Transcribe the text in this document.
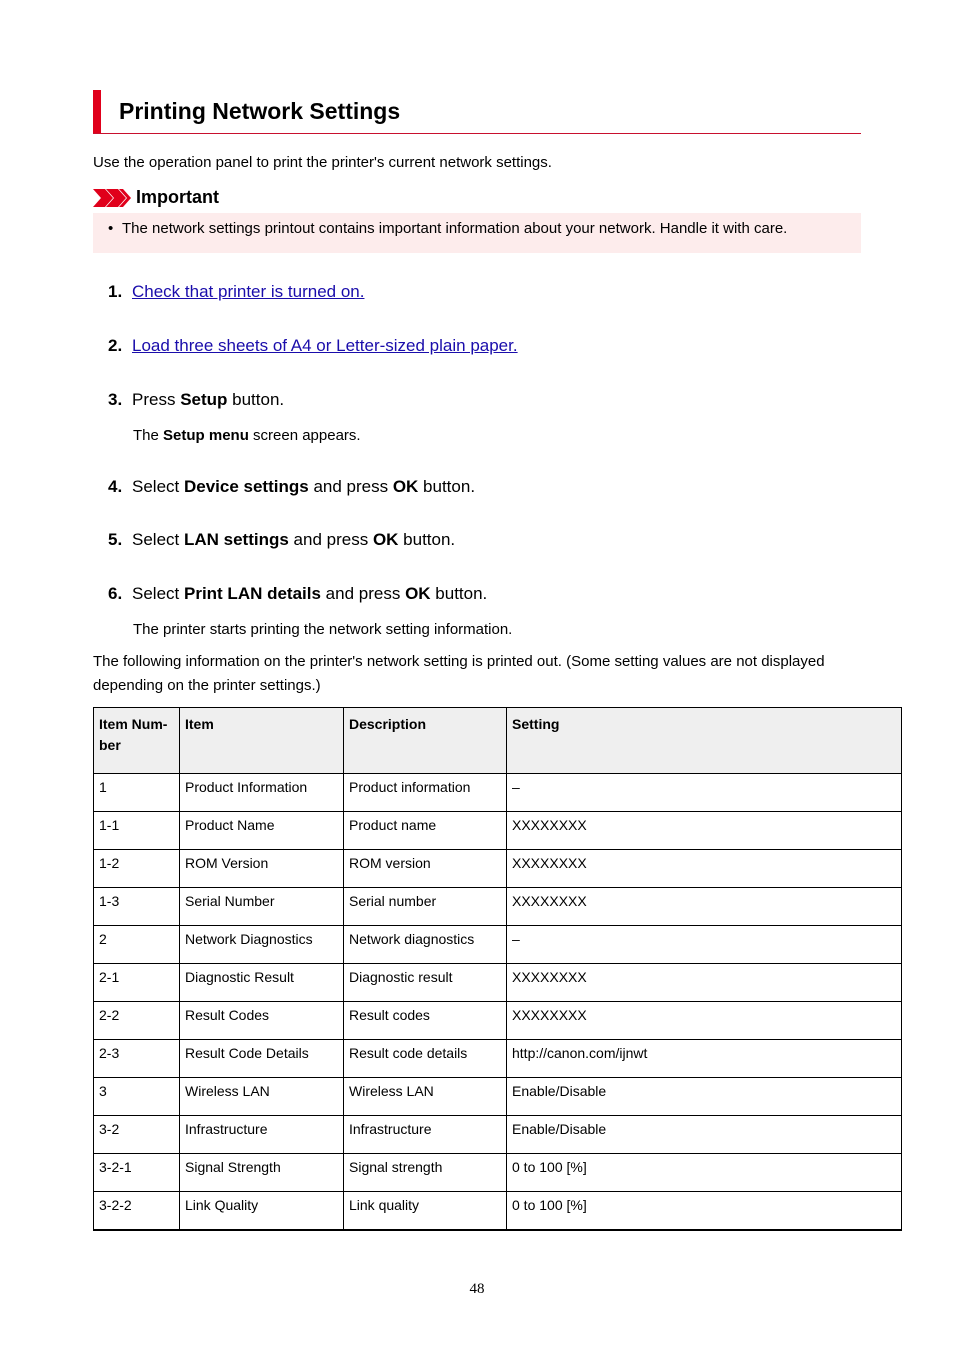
Printing Network Settings
Use the operation panel to print the printer's current network settings.
Important
• The network settings printout contains important information about your network. Handle it with care.
1. Check that printer is turned on.
2. Load three sheets of A4 or Letter-sized plain paper.
3. Press Setup button.
The Setup menu screen appears.
4. Select Device settings and press OK button.
5. Select LAN settings and press OK button.
6. Select Print LAN details and press OK button.
The printer starts printing the network setting information.
The following information on the printer's network setting is printed out. (Some setting values are not displayed depending on the printer settings.)
Item Num-ber	Item	Description	Setting
1	Product Information	Product information	–
1-1	Product Name	Product name	XXXXXXXX
1-2	ROM Version	ROM version	XXXXXXXX
1-3	Serial Number	Serial number	XXXXXXXX
2	Network Diagnostics	Network diagnostics	–
2-1	Diagnostic Result	Diagnostic result	XXXXXXXX
2-2	Result Codes	Result codes	XXXXXXXX
2-3	Result Code Details	Result code details	http://canon.com/ijnwt
3	Wireless LAN	Wireless LAN	Enable/Disable
3-2	Infrastructure	Infrastructure	Enable/Disable
3-2-1	Signal Strength	Signal strength	0 to 100 [%]
3-2-2	Link Quality	Link quality	0 to 100 [%]
48
